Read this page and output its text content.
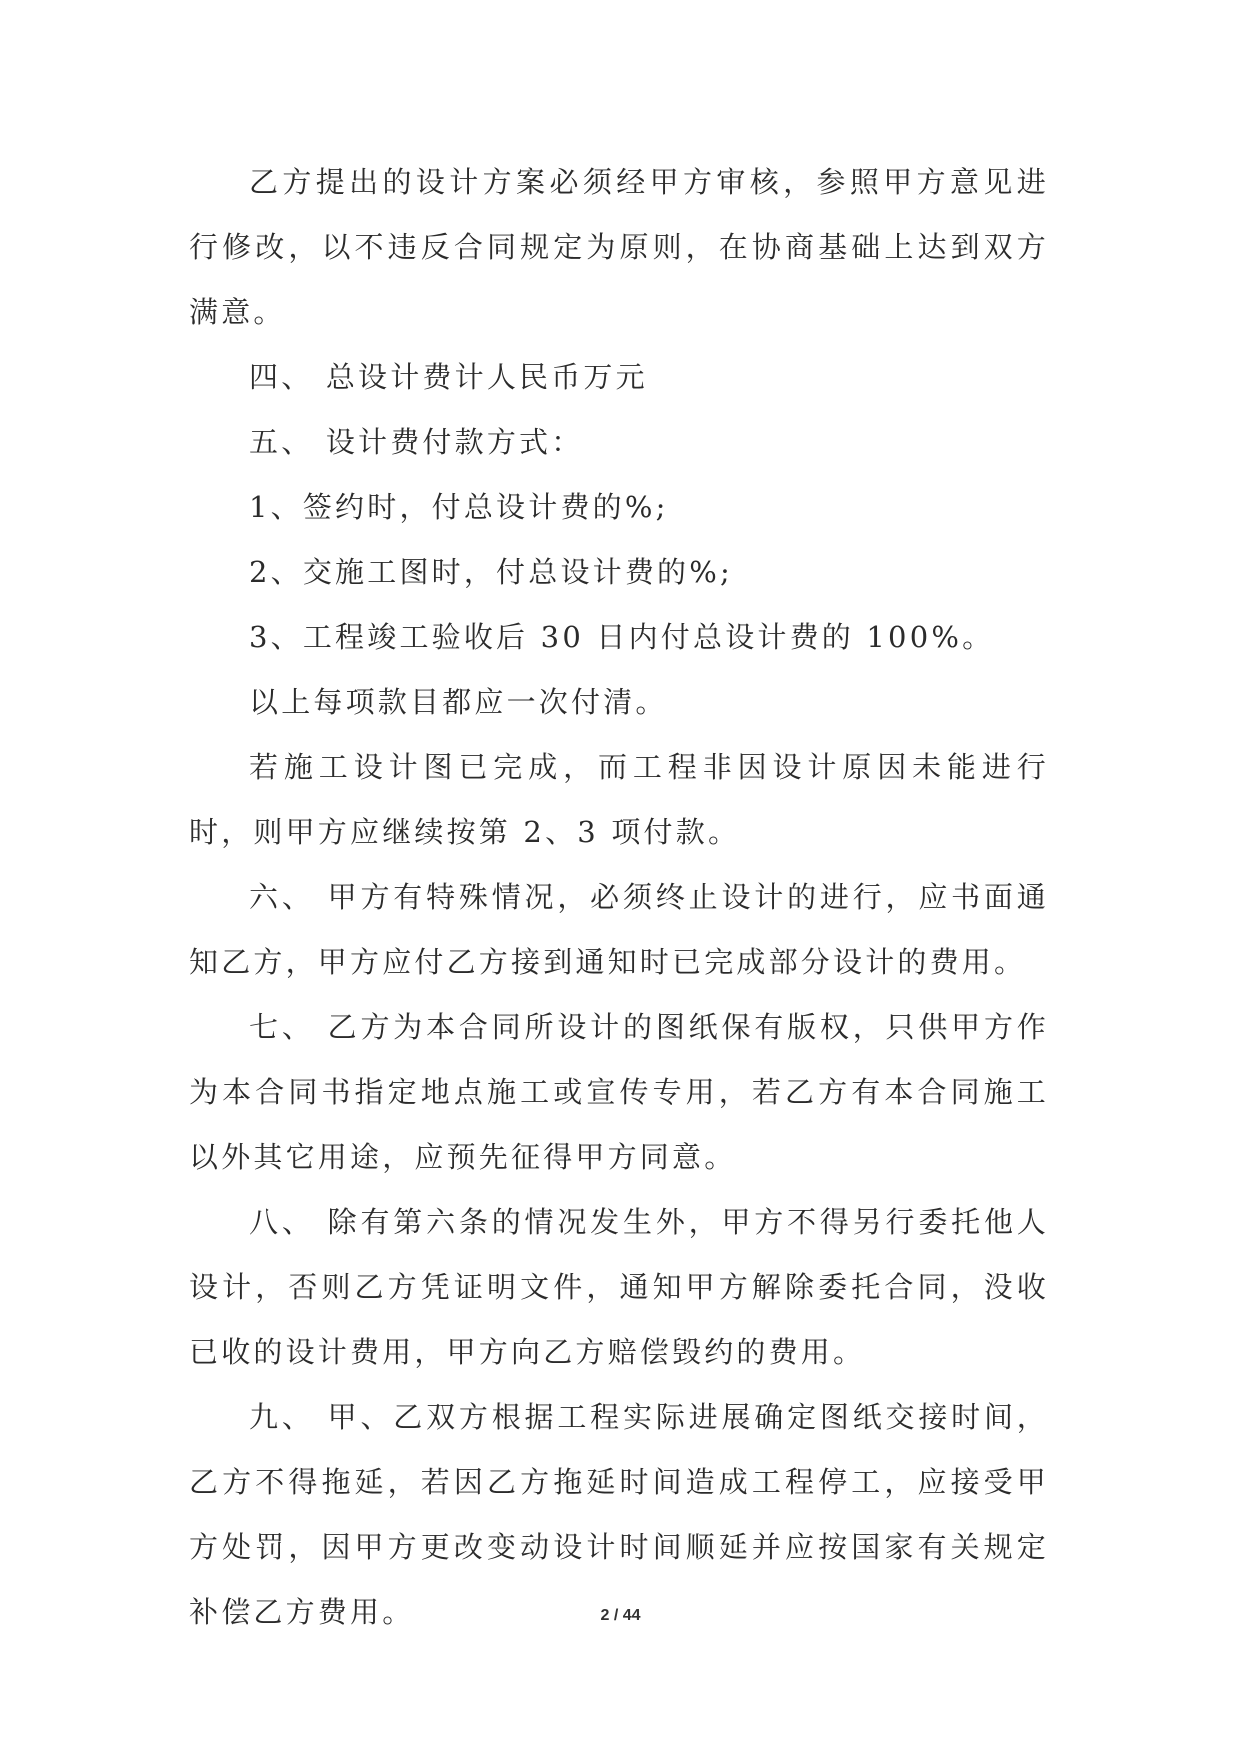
乙方提出的设计方案必须经甲方审核，参照甲方意见进行修改，以不违反合同规定为原则，在协商基础上达到双方满意。

四、 总设计费计人民币万元

五、 设计费付款方式：

1、签约时，付总设计费的%;

2、交施工图时，付总设计费的%;

3、工程竣工验收后 30 日内付总设计费的 100%。

以上每项款目都应一次付清。

若施工设计图已完成，而工程非因设计原因未能进行时，则甲方应继续按第 2、3 项付款。

六、 甲方有特殊情况，必须终止设计的进行，应书面通知乙方，甲方应付乙方接到通知时已完成部分设计的费用。

七、 乙方为本合同所设计的图纸保有版权，只供甲方作为本合同书指定地点施工或宣传专用，若乙方有本合同施工以外其它用途，应预先征得甲方同意。

八、 除有第六条的情况发生外，甲方不得另行委托他人设计，否则乙方凭证明文件，通知甲方解除委托合同，没收已收的设计费用，甲方向乙方赔偿毁约的费用。

九、 甲、乙双方根据工程实际进展确定图纸交接时间，乙方不得拖延，若因乙方拖延时间造成工程停工，应接受甲方处罚，因甲方更改变动设计时间顺延并应按国家有关规定补偿乙方费用。	2 / 44
